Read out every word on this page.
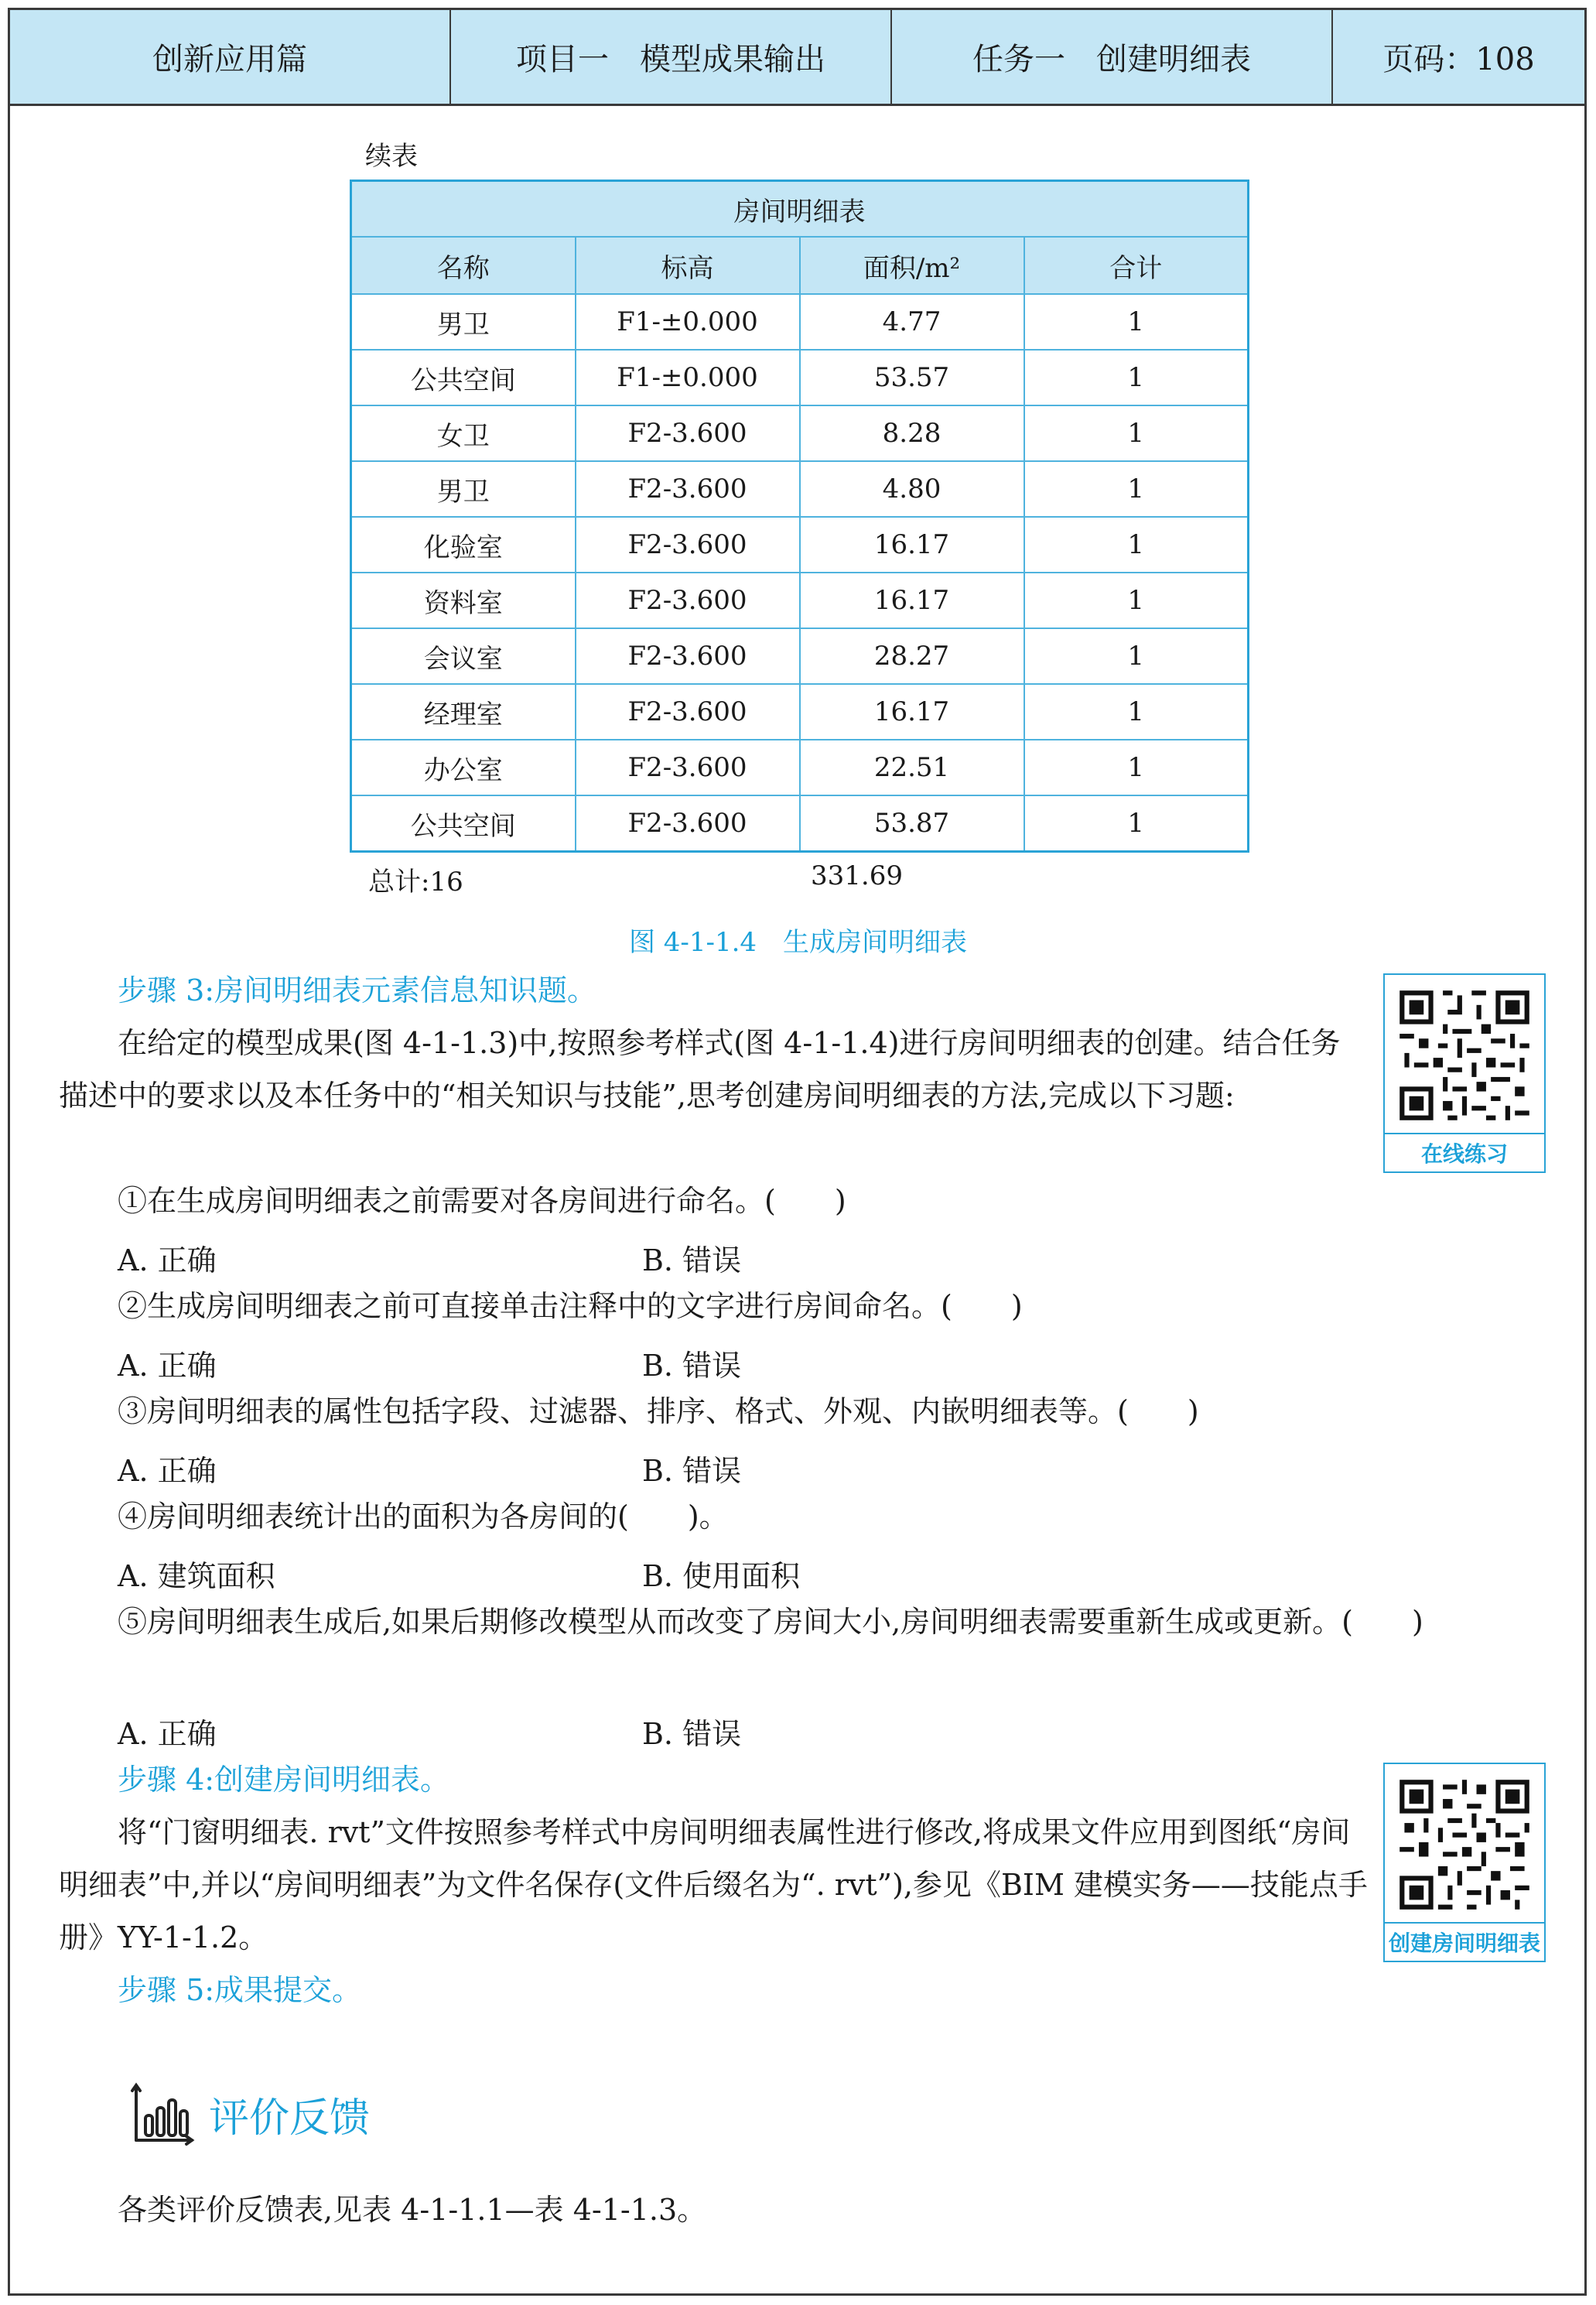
创新应用篇	项目一　模型成果输出	任务一　创建明细表	页码：108
续表
房间明细表			
名称	标高	面积/m²	合计
男卫	F1-±0.000	4.77	1
公共空间	F1-±0.000	53.57	1
女卫	F2-3.600	8.28	1
男卫	F2-3.600	4.80	1
化验室	F2-3.600	16.17	1
资料室	F2-3.600	16.17	1
会议室	F2-3.600	28.27	1
经理室	F2-3.600	16.17	1
办公室	F2-3.600	22.51	1
公共空间	F2-3.600	53.87	1
总计:16	331.69
图 4-1-1.4　生成房间明细表
步骤 3:房间明细表元素信息知识题。
在给定的模型成果(图 4-1-1.3)中,按照参考样式(图 4-1-1.4)进行房间明细表的创建。结合任务描述中的要求以及本任务中的“相关知识与技能”,思考创建房间明细表的方法,完成以下习题:
①在生成房间明细表之前需要对各房间进行命名。(　　)
A. 正确	B. 错误
②生成房间明细表之前可直接单击注释中的文字进行房间命名。(　　)
A. 正确	B. 错误
③房间明细表的属性包括字段、过滤器、排序、格式、外观、内嵌明细表等。(　　)
A. 正确	B. 错误
④房间明细表统计出的面积为各房间的(　　)。
A. 建筑面积	B. 使用面积
⑤房间明细表生成后,如果后期修改模型从而改变了房间大小,房间明细表需要重新生成或更新。(　　)
A. 正确	B. 错误
在线练习
步骤 4:创建房间明细表。
将“门窗明细表. rvt”文件按照参考样式中房间明细表属性进行修改,将成果文件应用到图纸“房间明细表”中,并以“房间明细表”为文件名保存(文件后缀名为“. rvt”),参见《BIM 建模实务——技能点手册》YY-1-1.2。	创建房间明细表
步骤 5:成果提交。
评价反馈
各类评价反馈表,见表 4-1-1.1—表 4-1-1.3。
